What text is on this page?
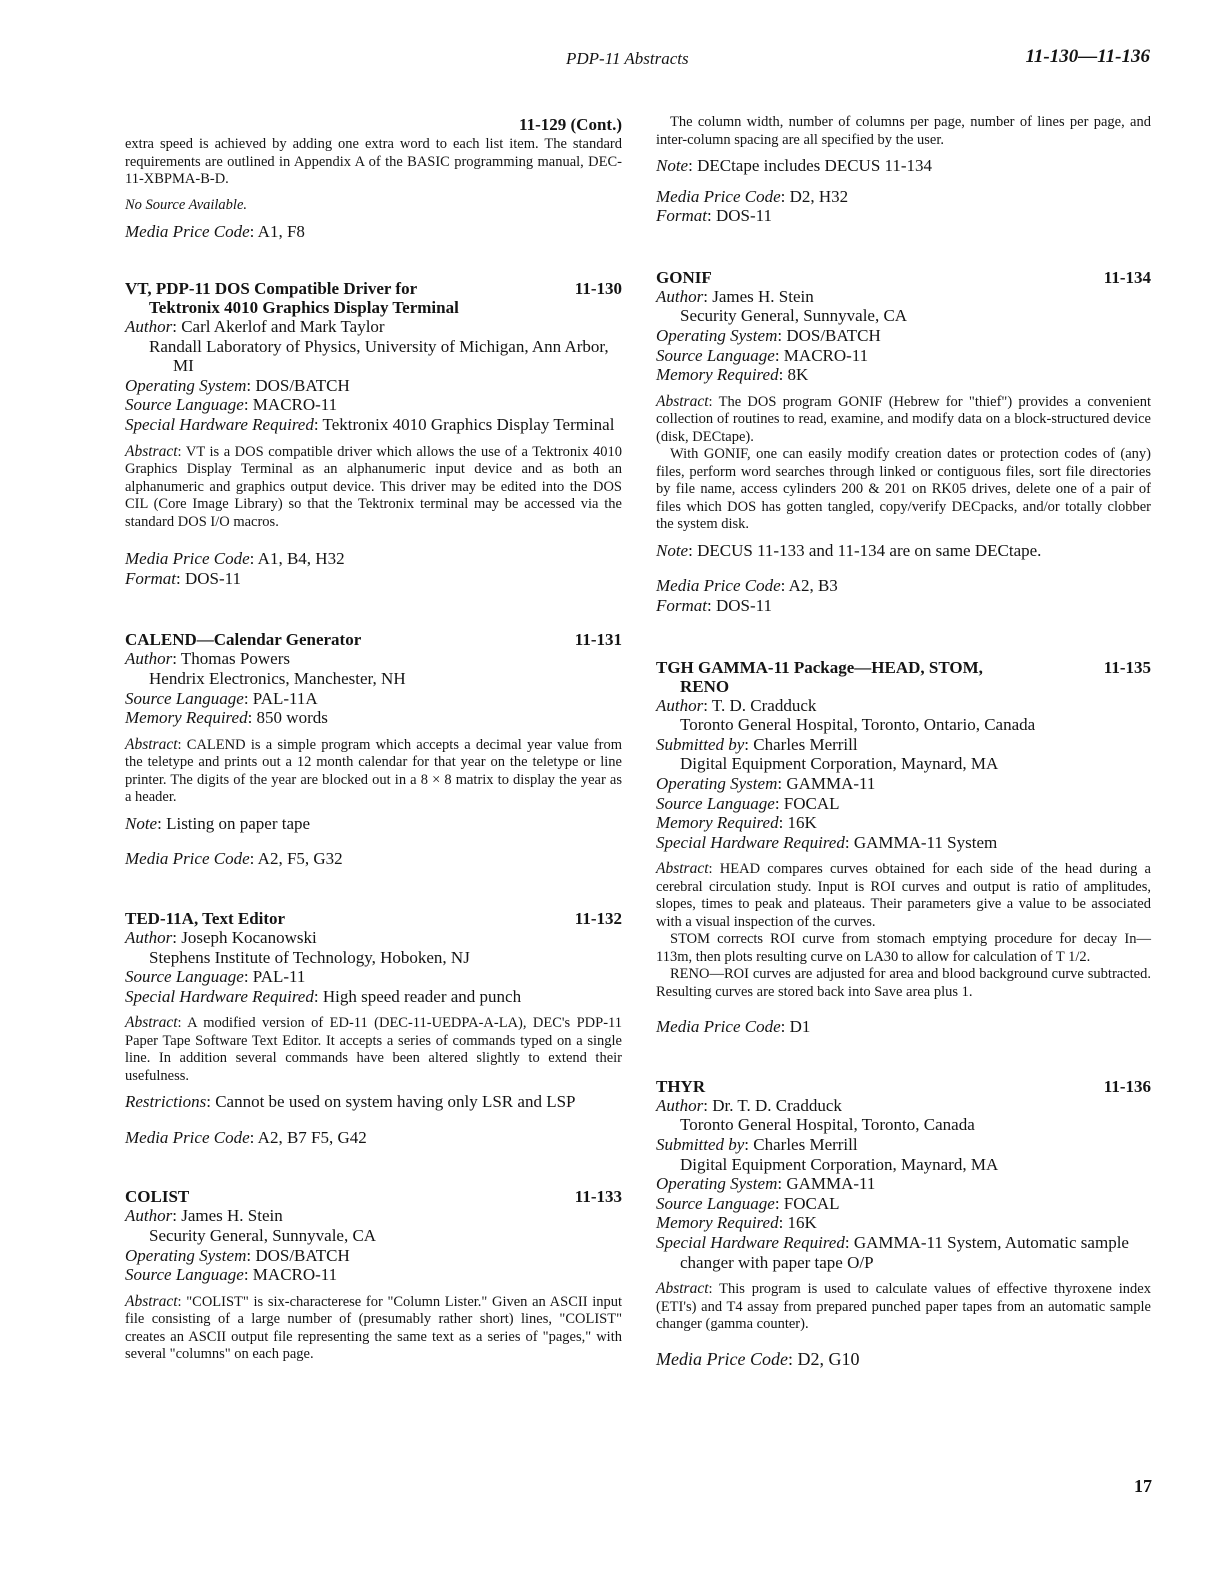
PDP-11 Abstracts	11-130—11-136
11-129 (Cont.)
extra speed is achieved by adding one extra word to each list item. The standard requirements are outlined in Appendix A of the BASIC programming manual, DEC-11-XBPMA-B-D.
No Source Available.
Media Price Code: A1, F8
VT, PDP-11 DOS Compatible Driver for
Tektronix 4010 Graphics Display Terminal
11-130
Author: Carl Akerlof and Mark Taylor
Randall Laboratory of Physics, University of Michigan, Ann Arbor, MI
Operating System: DOS/BATCH
Source Language: MACRO-11
Special Hardware Required: Tektronix 4010 Graphics Display Terminal
Abstract: VT is a DOS compatible driver which allows the use of a Tektronix 4010 Graphics Display Terminal as an alphanumeric input device and as both an alphanumeric and graphics output device. This driver may be edited into the DOS CIL (Core Image Library) so that the Tektronix terminal may be accessed via the standard DOS I/O macros.
Media Price Code: A1, B4, H32
Format: DOS-11
CALEND—Calendar Generator	11-131
Author: Thomas Powers
Hendrix Electronics, Manchester, NH
Source Language: PAL-11A
Memory Required: 850 words
Abstract: CALEND is a simple program which accepts a decimal year value from the teletype and prints out a 12 month calendar for that year on the teletype or line printer. The digits of the year are blocked out in a 8 × 8 matrix to display the year as a header.
Note: Listing on paper tape
Media Price Code: A2, F5, G32
TED-11A, Text Editor	11-132
Author: Joseph Kocanowski
Stephens Institute of Technology, Hoboken, NJ
Source Language: PAL-11
Special Hardware Required: High speed reader and punch
Abstract: A modified version of ED-11 (DEC-11-UEDPA-A-LA), DEC's PDP-11 Paper Tape Software Text Editor. It accepts a series of commands typed on a single line. In addition several commands have been altered slightly to extend their usefulness.
Restrictions: Cannot be used on system having only LSR and LSP
Media Price Code: A2, B7 F5, G42
COLIST	11-133
Author: James H. Stein
Security General, Sunnyvale, CA
Operating System: DOS/BATCH
Source Language: MACRO-11
Abstract: "COLIST" is six-characterese for "Column Lister." Given an ASCII input file consisting of a large number of (presumably rather short) lines, "COLIST" creates an ASCII output file representing the same text as a series of "pages," with several "columns" on each page.

The column width, number of columns per page, number of lines per page, and inter-column spacing are all specified by the user.

Note: DECtape includes DECUS 11-134
Media Price Code: D2, H32
Format: DOS-11
GONIF	11-134
Author: James H. Stein
Security General, Sunnyvale, CA
Operating System: DOS/BATCH
Source Language: MACRO-11
Memory Required: 8K

Abstract: The DOS program GONIF (Hebrew for "thief") provides a convenient collection of routines to read, examine, and modify data on a block-structured device (disk, DECtape).

With GONIF, one can easily modify creation dates or protection codes of (any) files, perform word searches through linked or contiguous files, sort file directories by file name, access cylinders 200 & 201 on RK05 drives, delete one of a pair of files which DOS has gotten tangled, copy/verify DECpacks, and/or totally clobber the system disk.

Note: DECUS 11-133 and 11-134 are on same DECtape.
Media Price Code: A2, B3
Format: DOS-11
TGH GAMMA-11 Package—HEAD, STOM,
RENO
11-135
Author: T. D. Cradduck
Toronto General Hospital, Toronto, Ontario, Canada
Submitted by: Charles Merrill
Digital Equipment Corporation, Maynard, MA
Operating System: GAMMA-11
Source Language: FOCAL
Memory Required: 16K
Special Hardware Required: GAMMA-11 System

Abstract: HEAD compares curves obtained for each side of the head during a cerebral circulation study. Input is ROI curves and output is ratio of amplitudes, slopes, times to peak and plateaus. Their parameters give a value to be associated with a visual inspection of the curves.

STOM corrects ROI curve from stomach emptying procedure for decay In—113m, then plots resulting curve on LA30 to allow for calculation of T 1/2.

RENO—ROI curves are adjusted for area and blood background curve subtracted. Resulting curves are stored back into Save area plus 1.

Media Price Code: D1
THYR	11-136
Author: Dr. T. D. Cradduck
Toronto General Hospital, Toronto, Canada
Submitted by: Charles Merrill
Digital Equipment Corporation, Maynard, MA
Operating System: GAMMA-11
Source Language: FOCAL
Memory Required: 16K
Special Hardware Required: GAMMA-11 System, Automatic sample changer with paper tape O/P
Abstract: This program is used to calculate values of effective thyroxene index (ETI's) and T4 assay from prepared punched paper tapes from an automatic sample changer (gamma counter).
Media Price Code: D2, G10
17
